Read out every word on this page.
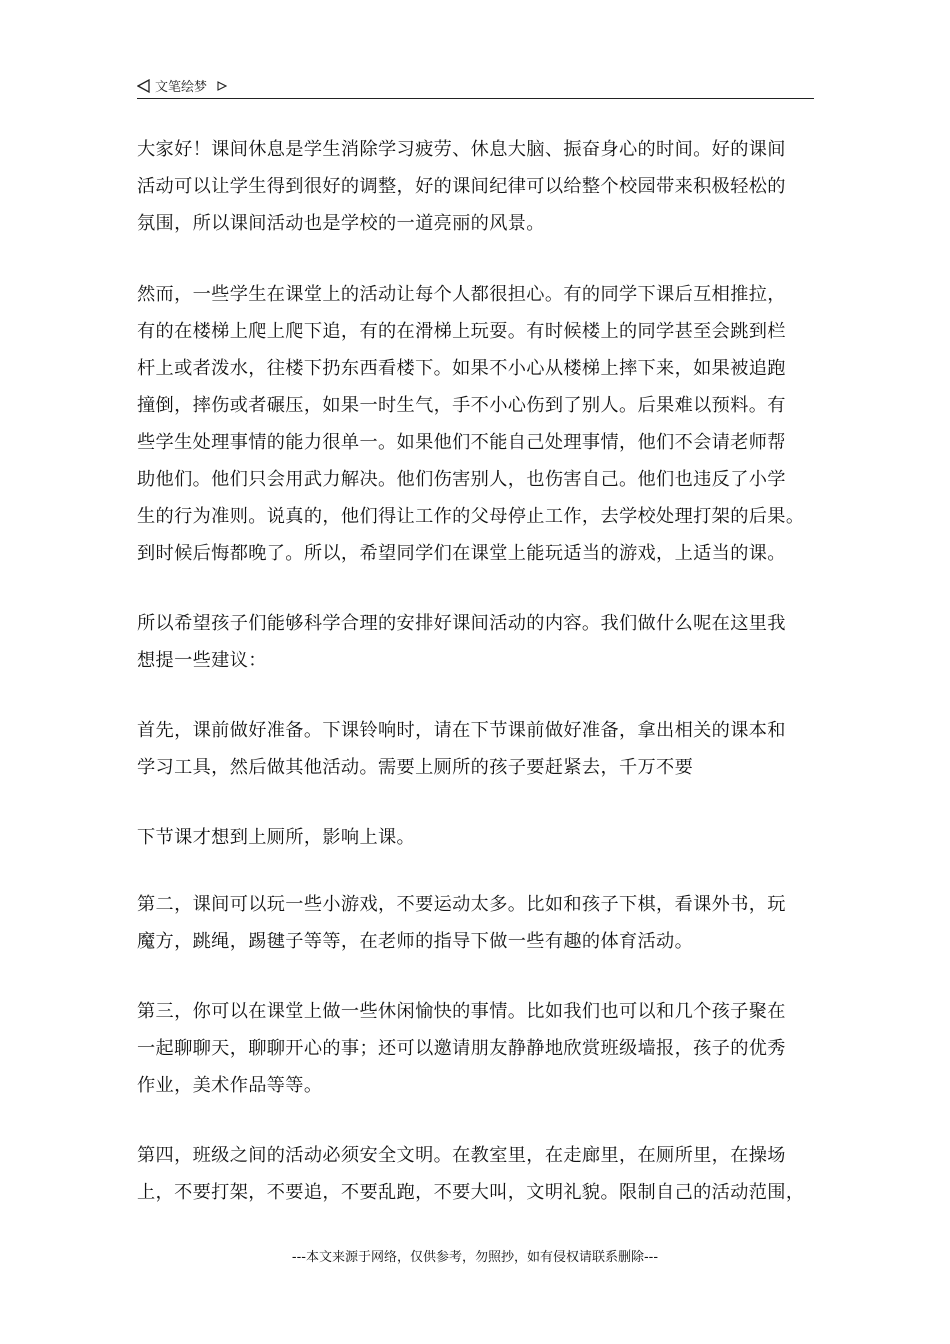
文笔绘梦
大家好！课间休息是学生消除学习疲劳、休息大脑、振奋身心的时间。好的课间
活动可以让学生得到很好的调整，好的课间纪律可以给整个校园带来积极轻松的
氛围，所以课间活动也是学校的一道亮丽的风景。
然而，一些学生在课堂上的活动让每个人都很担心。有的同学下课后互相推拉，
有的在楼梯上爬上爬下追，有的在滑梯上玩耍。有时候楼上的同学甚至会跳到栏
杆上或者泼水，往楼下扔东西看楼下。如果不小心从楼梯上摔下来，如果被追跑
撞倒，摔伤或者碾压，如果一时生气，手不小心伤到了别人。后果难以预料。有
些学生处理事情的能力很单一。如果他们不能自己处理事情，他们不会请老师帮
助他们。他们只会用武力解决。他们伤害别人，也伤害自己。他们也违反了小学
生的行为准则。说真的，他们得让工作的父母停止工作，去学校处理打架的后果。
到时候后悔都晚了。所以，希望同学们在课堂上能玩适当的游戏，上适当的课。
所以希望孩子们能够科学合理的安排好课间活动的内容。我们做什么呢在这里我
想提一些建议：
首先，课前做好准备。下课铃响时，请在下节课前做好准备，拿出相关的课本和
学习工具，然后做其他活动。需要上厕所的孩子要赶紧去，千万不要
下节课才想到上厕所，影响上课。
第二，课间可以玩一些小游戏，不要运动太多。比如和孩子下棋，看课外书，玩
魔方，跳绳，踢毽子等等，在老师的指导下做一些有趣的体育活动。
第三，你可以在课堂上做一些休闲愉快的事情。比如我们也可以和几个孩子聚在
一起聊聊天，聊聊开心的事；还可以邀请朋友静静地欣赏班级墙报，孩子的优秀
作业，美术作品等等。
第四，班级之间的活动必须安全文明。在教室里，在走廊里，在厕所里，在操场
上，不要打架，不要追，不要乱跑，不要大叫，文明礼貌。限制自己的活动范围，
---本文来源于网络，仅供参考，勿照抄，如有侵权请联系删除---
